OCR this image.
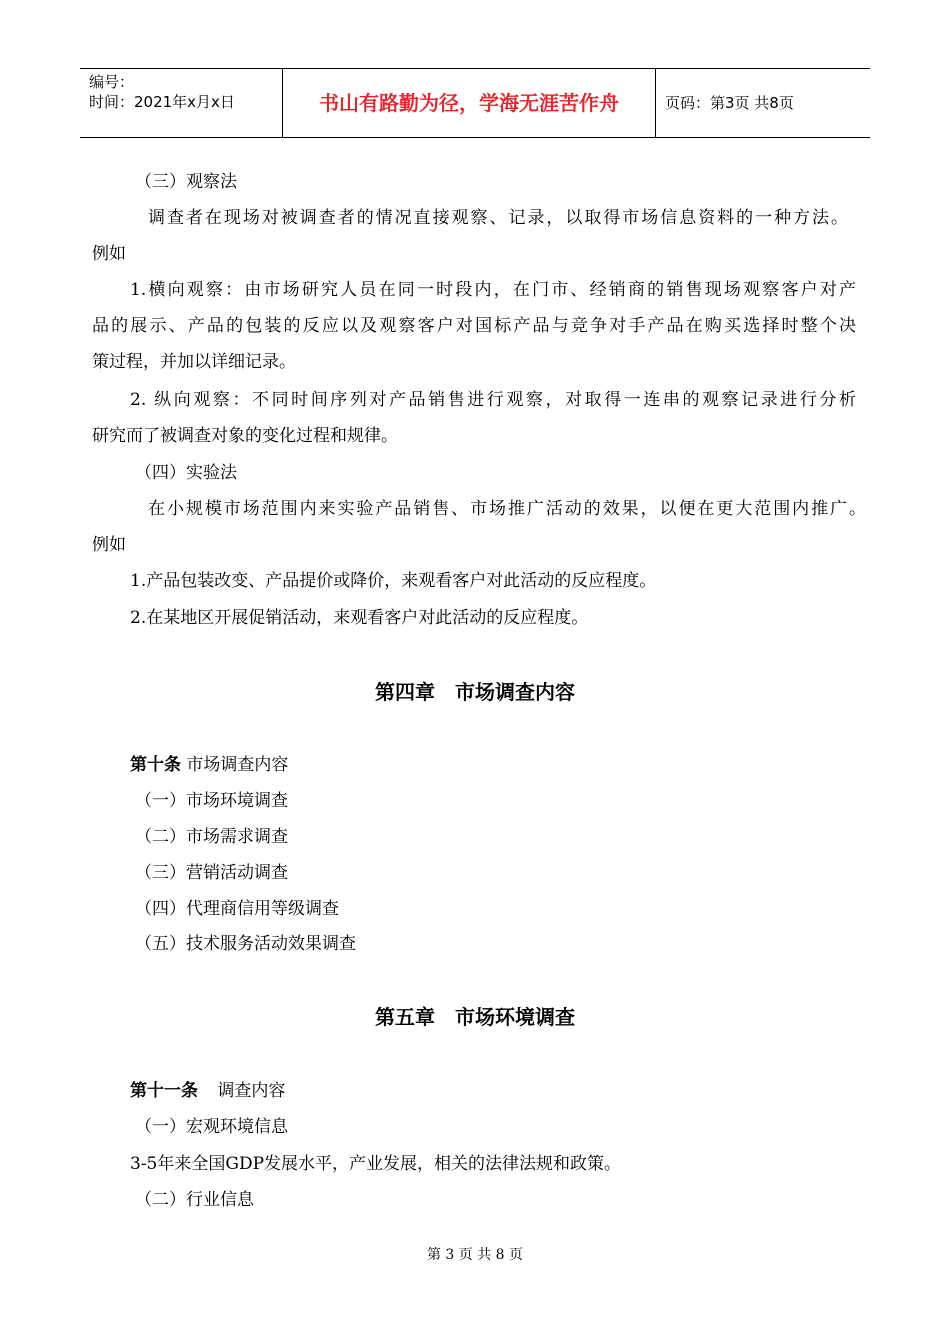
编号：
时间：2021年x月x日	书山有路勤为径，学海无涯苦作舟	页码：第3页 共8页
（三）观察法
调查者在现场对被调查者的情况直接观察、记录，以取得市场信息资料的一种方法。
例如
1.横向观察：由市场研究人员在同一时段内，在门市、经销商的销售现场观察客户对产
品的展示、产品的包装的反应以及观察客户对国标产品与竞争对手产品在购买选择时整个决
策过程，并加以详细记录。
2. 纵向观察：不同时间序列对产品销售进行观察，对取得一连串的观察记录进行分析
研究而了被调查对象的变化过程和规律。
（四）实验法
在小规模市场范围内来实验产品销售、市场推广活动的效果，以便在更大范围内推广。
例如
1.产品包装改变、产品提价或降价，来观看客户对此活动的反应程度。
2.在某地区开展促销活动，来观看客户对此活动的反应程度。
第四章　市场调查内容
第十条 市场调查内容
（一）市场环境调查
（二）市场需求调查
（三）营销活动调查
（四）代理商信用等级调查
（五）技术服务活动效果调查
第五章　市场环境调查
第十一条 调查内容
（一）宏观环境信息
3-5年来全国GDP发展水平，产业发展，相关的法律法规和政策。
（二）行业信息
第 3 页 共 8 页
